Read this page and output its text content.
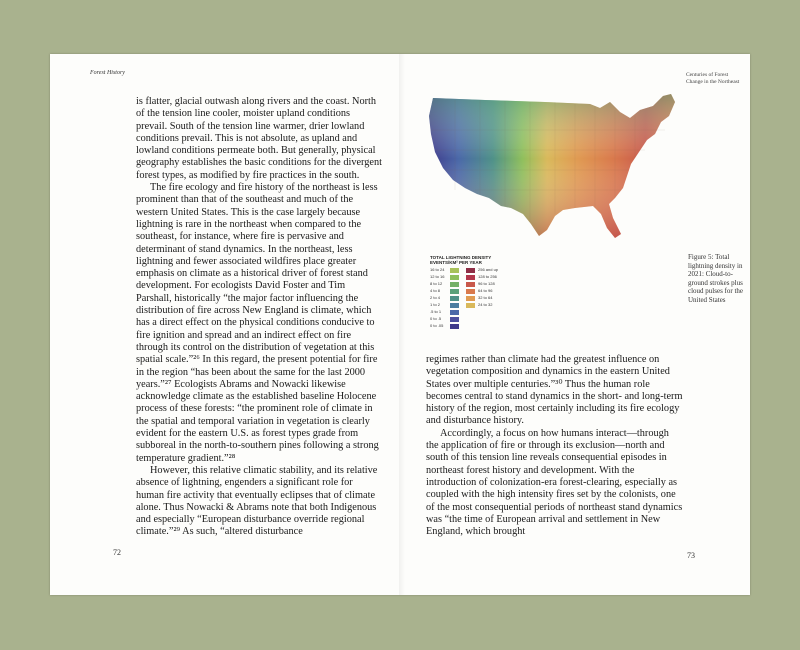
Forest History	Centuries of Forest Change in the Northeast

is flatter, glacial outwash along rivers and the coast. North of the tension line cooler, moister upland conditions prevail. South of the tension line warmer, drier lowland conditions prevail. This is not absolute, as upland and lowland conditions permeate both. But generally, physical geography establishes the basic conditions for the divergent forest types, as modified by fire practices in the south.

The fire ecology and fire history of the northeast is less prominent than that of the southeast and much of the western United States. This is the case largely because lightning is rare in the northeast when compared to the southeast, for instance, where fire is pervasive and determinant of stand dynamics. In the northeast, less lightning and fewer associated wildfires place greater emphasis on climate as a historical driver of forest stand development. For ecologists David Foster and Tim Parshall, historically “the major factor influencing the distribution of fire across New England is climate, which has a direct effect on the physical conditions conducive to fire ignition and spread and an indirect effect on fire through its control on the distribution of vegetation at this spatial scale.”²⁶ In this regard, the present potential for fire in the region “has been about the same for the last 2000 years.”²⁷ Ecologists Abrams and Nowacki likewise acknowledge climate as the established baseline Holocene process of these forests: “the prominent role of climate in the spatial and temporal variation in vegetation is clearly evident for the eastern U.S. as forest types grade from subboreal in the north-to-southern pines following a strong temperature gradient.”²⁸

However, this relative climatic stability, and its relative absence of lightning, engenders a significant role for human fire activity that eventually eclipses that of climate alone. Thus Nowacki & Abrams note that both Indigenous and especially “European disturbance override regional climate.”²⁹ As such, “altered disturbance

72
TOTAL LIGHTNING DENSITY EVENTS/KM² PER YEAR
16 to 24
12 to 16
8 to 12
4 to 8
2 to 4
1 to 2
.5 to 1
0 to .5
0 to .05
256 and up
128 to 256
96 to 128
64 to 96
32 to 64
24 to 32
Figure 5: Total lightning density in 2021: Cloud-to-ground strokes plus cloud pulses for the United States

regimes rather than climate had the greatest influence on vegetation composition and dynamics in the eastern United States over multiple centuries.”³⁰ Thus the human role becomes central to stand dynamics in the short- and long-term history of the region, most certainly including its fire ecology and disturbance history.

Accordingly, a focus on how humans interact—through the application of fire or through its exclusion—north and south of this tension line reveals consequential episodes in northeast forest history and development. With the introduction of colonization-era forest-clearing, especially as coupled with the high intensity fires set by the colonists, one of the most consequential periods of northeast stand dynamics was “the time of European arrival and settlement in New England, which brought

73
